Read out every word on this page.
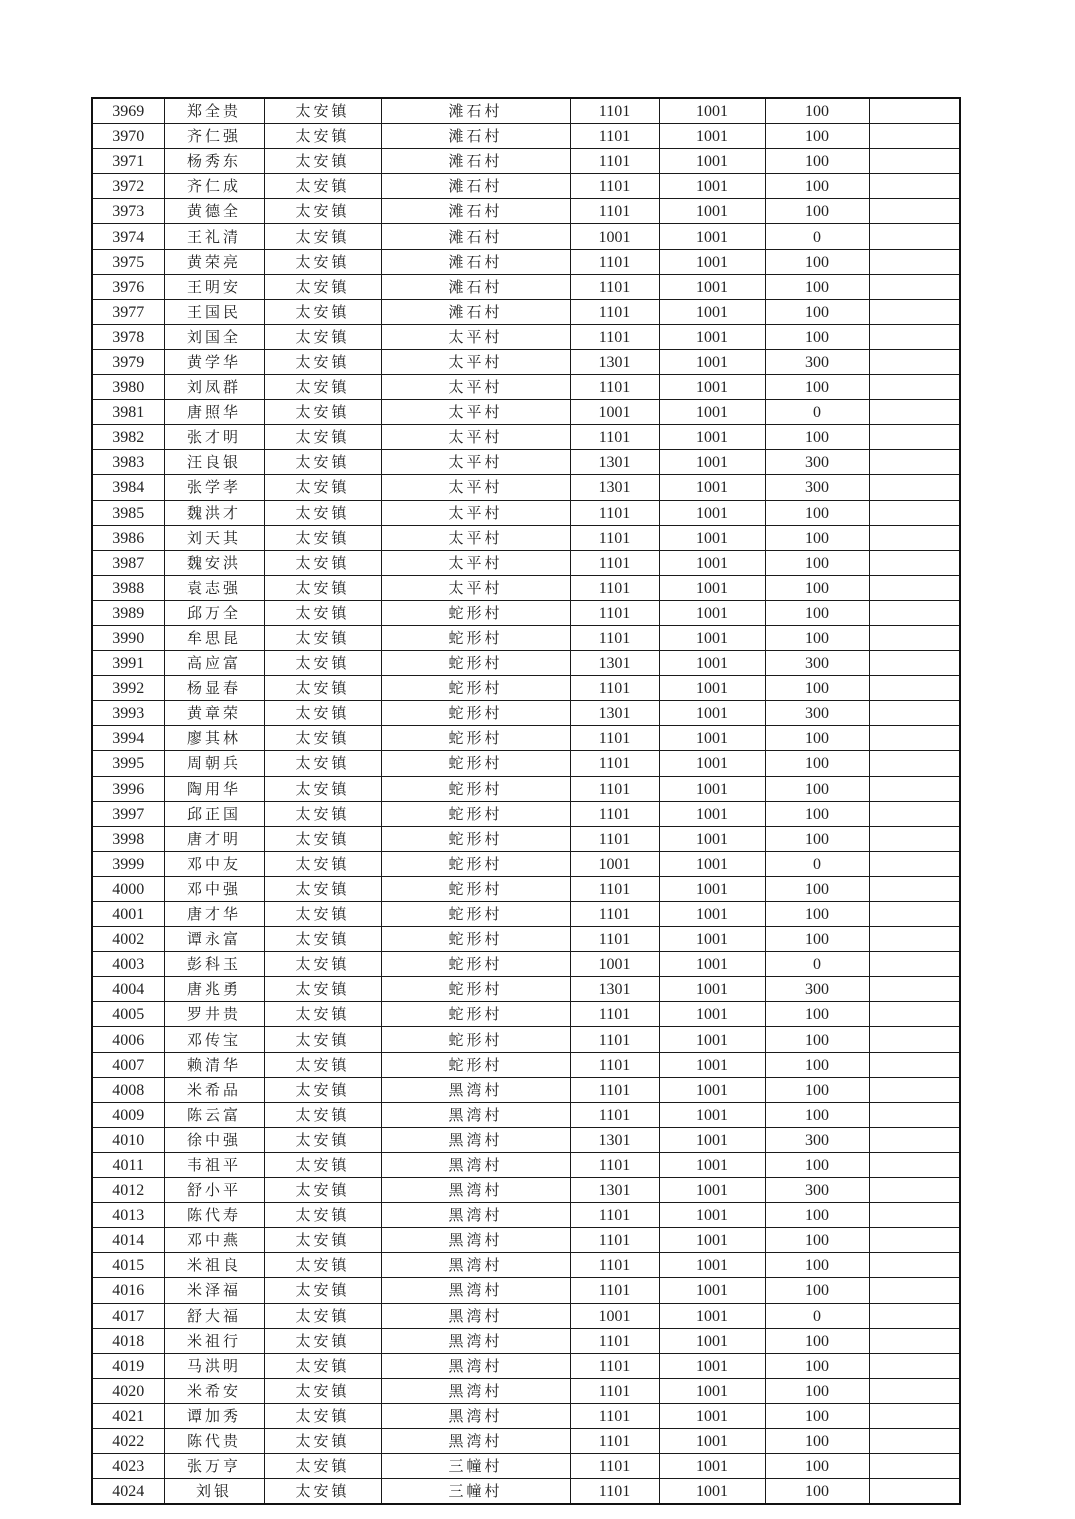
3969	郑全贵	太安镇	滩石村	1101	1001	100	
3970	齐仁强	太安镇	滩石村	1101	1001	100	
3971	杨秀东	太安镇	滩石村	1101	1001	100	
3972	齐仁成	太安镇	滩石村	1101	1001	100	
3973	黄德全	太安镇	滩石村	1101	1001	100	
3974	王礼清	太安镇	滩石村	1001	1001	0	
3975	黄荣亮	太安镇	滩石村	1101	1001	100	
3976	王明安	太安镇	滩石村	1101	1001	100	
3977	王国民	太安镇	滩石村	1101	1001	100	
3978	刘国全	太安镇	太平村	1101	1001	100	
3979	黄学华	太安镇	太平村	1301	1001	300	
3980	刘凤群	太安镇	太平村	1101	1001	100	
3981	唐照华	太安镇	太平村	1001	1001	0	
3982	张才明	太安镇	太平村	1101	1001	100	
3983	汪良银	太安镇	太平村	1301	1001	300	
3984	张学孝	太安镇	太平村	1301	1001	300	
3985	魏洪才	太安镇	太平村	1101	1001	100	
3986	刘天其	太安镇	太平村	1101	1001	100	
3987	魏安洪	太安镇	太平村	1101	1001	100	
3988	袁志强	太安镇	太平村	1101	1001	100	
3989	邱万全	太安镇	蛇形村	1101	1001	100	
3990	牟思昆	太安镇	蛇形村	1101	1001	100	
3991	高应富	太安镇	蛇形村	1301	1001	300	
3992	杨显春	太安镇	蛇形村	1101	1001	100	
3993	黄章荣	太安镇	蛇形村	1301	1001	300	
3994	廖其林	太安镇	蛇形村	1101	1001	100	
3995	周朝兵	太安镇	蛇形村	1101	1001	100	
3996	陶用华	太安镇	蛇形村	1101	1001	100	
3997	邱正国	太安镇	蛇形村	1101	1001	100	
3998	唐才明	太安镇	蛇形村	1101	1001	100	
3999	邓中友	太安镇	蛇形村	1001	1001	0	
4000	邓中强	太安镇	蛇形村	1101	1001	100	
4001	唐才华	太安镇	蛇形村	1101	1001	100	
4002	谭永富	太安镇	蛇形村	1101	1001	100	
4003	彭科玉	太安镇	蛇形村	1001	1001	0	
4004	唐兆勇	太安镇	蛇形村	1301	1001	300	
4005	罗井贵	太安镇	蛇形村	1101	1001	100	
4006	邓传宝	太安镇	蛇形村	1101	1001	100	
4007	赖清华	太安镇	蛇形村	1101	1001	100	
4008	米希品	太安镇	黑湾村	1101	1001	100	
4009	陈云富	太安镇	黑湾村	1101	1001	100	
4010	徐中强	太安镇	黑湾村	1301	1001	300	
4011	韦祖平	太安镇	黑湾村	1101	1001	100	
4012	舒小平	太安镇	黑湾村	1301	1001	300	
4013	陈代寿	太安镇	黑湾村	1101	1001	100	
4014	邓中燕	太安镇	黑湾村	1101	1001	100	
4015	米祖良	太安镇	黑湾村	1101	1001	100	
4016	米泽福	太安镇	黑湾村	1101	1001	100	
4017	舒大福	太安镇	黑湾村	1001	1001	0	
4018	米祖行	太安镇	黑湾村	1101	1001	100	
4019	马洪明	太安镇	黑湾村	1101	1001	100	
4020	米希安	太安镇	黑湾村	1101	1001	100	
4021	谭加秀	太安镇	黑湾村	1101	1001	100	
4022	陈代贵	太安镇	黑湾村	1101	1001	100	
4023	张万亨	太安镇	三幢村	1101	1001	100	
4024	刘银	太安镇	三幢村	1101	1001	100	
